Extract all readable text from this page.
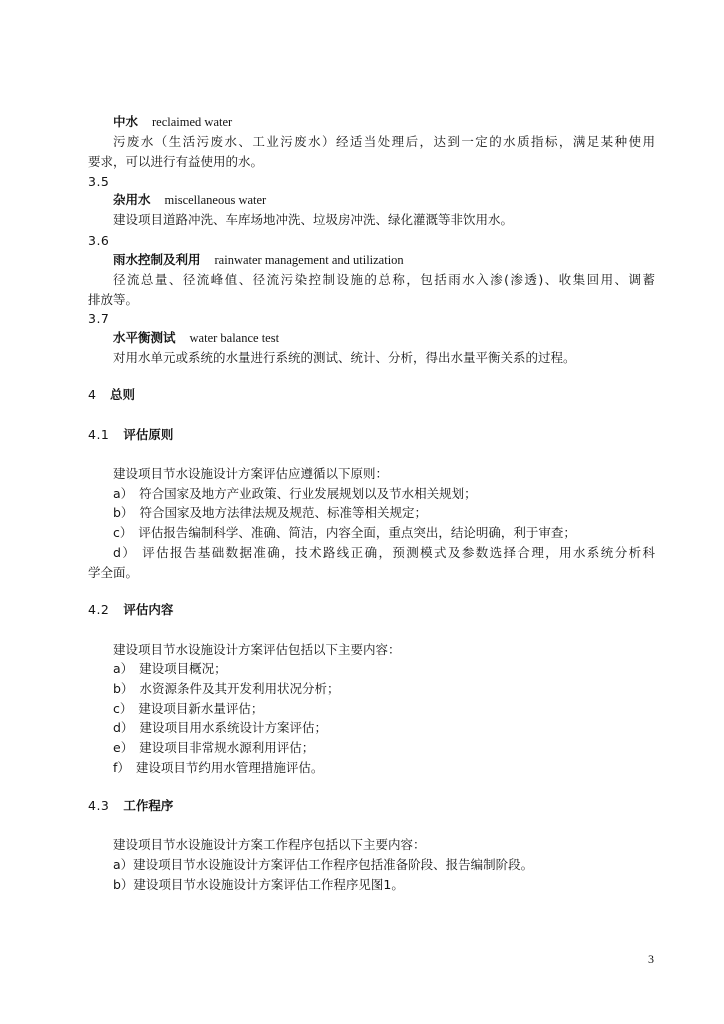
中水 reclaimed water
污废水（生活污废水、工业污废水）经适当处理后，达到一定的水质指标，满足某种使用
要求，可以进行有益使用的水。
3.5
杂用水 miscellaneous water
建设项目道路冲洗、车库场地冲洗、垃圾房冲洗、绿化灌溉等非饮用水。
3.6
雨水控制及利用 rainwater management and utilization
径流总量、径流峰值、径流污染控制设施的总称，包括雨水入渗(渗透)、收集回用、调蓄
排放等。
3.7
水平衡测试 water balance test
对用水单元或系统的水量进行系统的测试、统计、分析，得出水量平衡关系的过程。
4 总则
4.1 评估原则
建设项目节水设施设计方案评估应遵循以下原则：
a） 符合国家及地方产业政策、行业发展规划以及节水相关规划；
b） 符合国家及地方法律法规及规范、标准等相关规定；
c） 评估报告编制科学、准确、简洁，内容全面，重点突出，结论明确，利于审查；
d） 评估报告基础数据准确，技术路线正确，预测模式及参数选择合理，用水系统分析科
学全面。
4.2 评估内容
建设项目节水设施设计方案评估包括以下主要内容：
a） 建设项目概况；
b） 水资源条件及其开发利用状况分析；
c） 建设项目新水量评估；
d） 建设项目用水系统设计方案评估；
e） 建设项目非常规水源利用评估；
f） 建设项目节约用水管理措施评估。
4.3 工作程序
建设项目节水设施设计方案工作程序包括以下主要内容：
a）建设项目节水设施设计方案评估工作程序包括准备阶段、报告编制阶段。
b）建设项目节水设施设计方案评估工作程序见图1。
3
